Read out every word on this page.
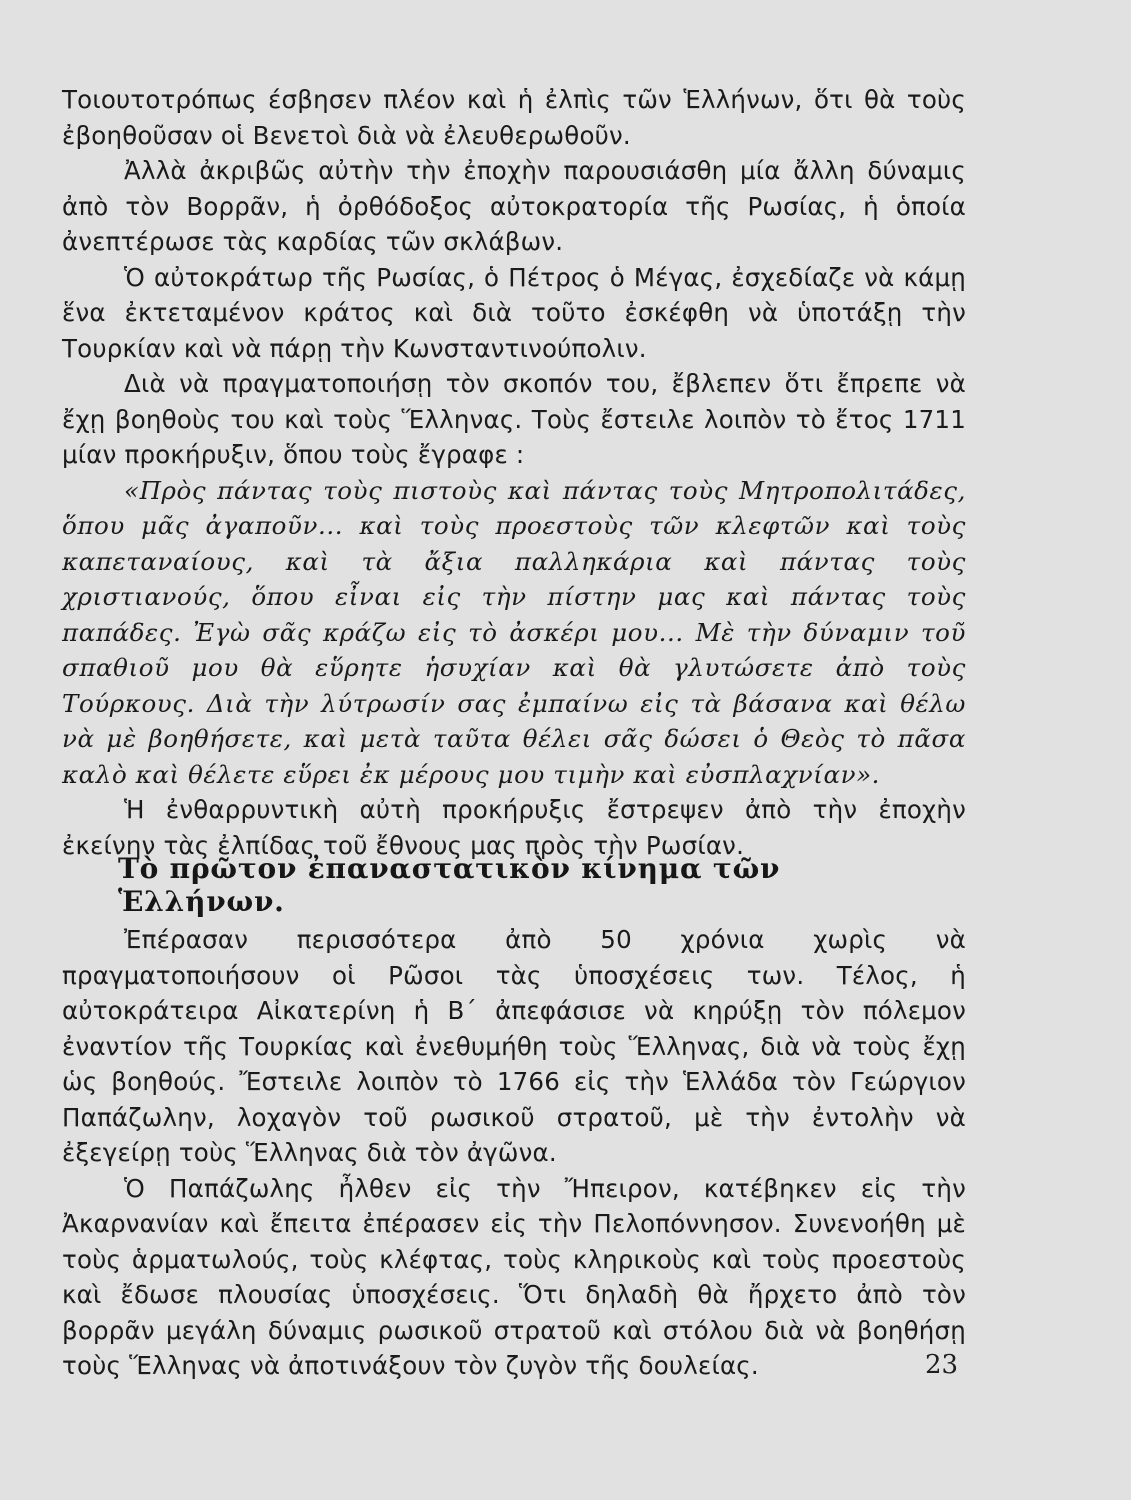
Τοιουτοτρόπως έσβησεν πλέον καὶ ἡ ἐλπὶς τῶν Ἑλλήνων, ὅτι θὰ τοὺς ἐβοηθοῦσαν οἱ Βενετοὶ διὰ νὰ ἐλευθερωθοῦν.

Ἀλλὰ ἀκριβῶς αὐτὴν τὴν ἐποχὴν παρουσιάσθη μία ἄλλη δύναμις ἀπὸ τὸν Βορρᾶν, ἡ ὀρθόδοξος αὐτοκρατορία τῆς Ρωσίας, ἡ ὁποία ἀνεπτέρωσε τὰς καρδίας τῶν σκλάβων.

Ὁ αὐτοκράτωρ τῆς Ρωσίας, ὁ Πέτρος ὁ Μέγας, ἐσχεδίαζε νὰ κάμῃ ἕνα ἐκτεταμένον κράτος καὶ διὰ τοῦτο ἐσκέφθη νὰ ὑποτάξῃ τὴν Τουρκίαν καὶ νὰ πάρῃ τὴν Κωνσταντινούπολιν.

Διὰ νὰ πραγματοποιήσῃ τὸν σκοπόν του, ἔβλεπεν ὅτι ἔπρεπε νὰ ἔχῃ βοηθοὺς του καὶ τοὺς Ἕλληνας. Τοὺς ἔστειλε λοιπὸν τὸ ἔτος 1711 μίαν προκήρυξιν, ὅπου τοὺς ἔγραφε :

«Πρὸς πάντας τοὺς πιστοὺς καὶ πάντας τοὺς Μητροπολιτάδες, ὅπου μᾶς ἀγαποῦν... καὶ τοὺς προεστοὺς τῶν κλεφτῶν καὶ τοὺς καπεταναίους, καὶ τὰ ἄξια παλληκάρια καὶ πάντας τοὺς χριστιανούς, ὅπου εἶναι εἰς τὴν πίστην μας καὶ πάντας τοὺς παπάδες. Ἐγὼ σᾶς κράζω εἰς τὸ ἀσκέρι μου... Μὲ τὴν δύναμιν τοῦ σπαθιοῦ μου θὰ εὕρητε ἡσυχίαν καὶ θὰ γλυτώσετε ἀπὸ τοὺς Τούρκους. Διὰ τὴν λύτρωσίν σας ἐμπαίνω εἰς τὰ βάσανα καὶ θέλω νὰ μὲ βοηθήσετε, καὶ μετὰ ταῦτα θέλει σᾶς δώσει ὁ Θεὸς τὸ πᾶσα καλὸ καὶ θέλετε εὕρει ἐκ μέρους μου τιμὴν καὶ εὐσπλαχνίαν».

Ἡ ἐνθαρρυντικὴ αὐτὴ προκήρυξις ἔστρεψεν ἀπὸ τὴν ἐποχὴν ἐκείνην τὰς ἐλπίδας τοῦ ἔθνους μας πρὸς τὴν Ρωσίαν.

Τὸ πρῶτον ἐπαναστατικὸν κίνημα τῶν Ἑλλήνων.

Ἐπέρασαν περισσότερα ἀπὸ 50 χρόνια χωρὶς νὰ πραγματοποιήσουν οἱ Ρῶσοι τὰς ὑποσχέσεις των. Τέλος, ἡ αὐτοκράτειρα Αἰκατερίνη ἡ Β΄ ἀπεφάσισε νὰ κηρύξῃ τὸν πόλεμον ἐναντίον τῆς Τουρκίας καὶ ἐνεθυμήθη τοὺς Ἕλληνας, διὰ νὰ τοὺς ἔχῃ ὡς βοηθούς. Ἔστειλε λοιπὸν τὸ 1766 εἰς τὴν Ἑλλάδα τὸν Γεώργιον Παπάζωλην, λοχαγὸν τοῦ ρωσικοῦ στρατοῦ, μὲ τὴν ἐντολὴν νὰ ἐξεγείρῃ τοὺς Ἕλληνας διὰ τὸν ἀγῶνα.

Ὁ Παπάζωλης ἦλθεν εἰς τὴν Ἤπειρον, κατέβηκεν εἰς τὴν Ἀκαρνανίαν καὶ ἔπειτα ἐπέρασεν εἰς τὴν Πελοπόννησον. Συνενοήθη μὲ τοὺς ἁρματωλούς, τοὺς κλέφτας, τοὺς κληρικοὺς καὶ τοὺς προεστοὺς καὶ ἔδωσε πλουσίας ὑποσχέσεις. Ὅτι δηλαδὴ θὰ ἤρχετο ἀπὸ τὸν βορρᾶν μεγάλη δύναμις ρωσικοῦ στρατοῦ καὶ στόλου διὰ νὰ βοηθήσῃ τοὺς Ἕλληνας νὰ ἀποτινάξουν τὸν ζυγὸν τῆς δουλείας.	23
